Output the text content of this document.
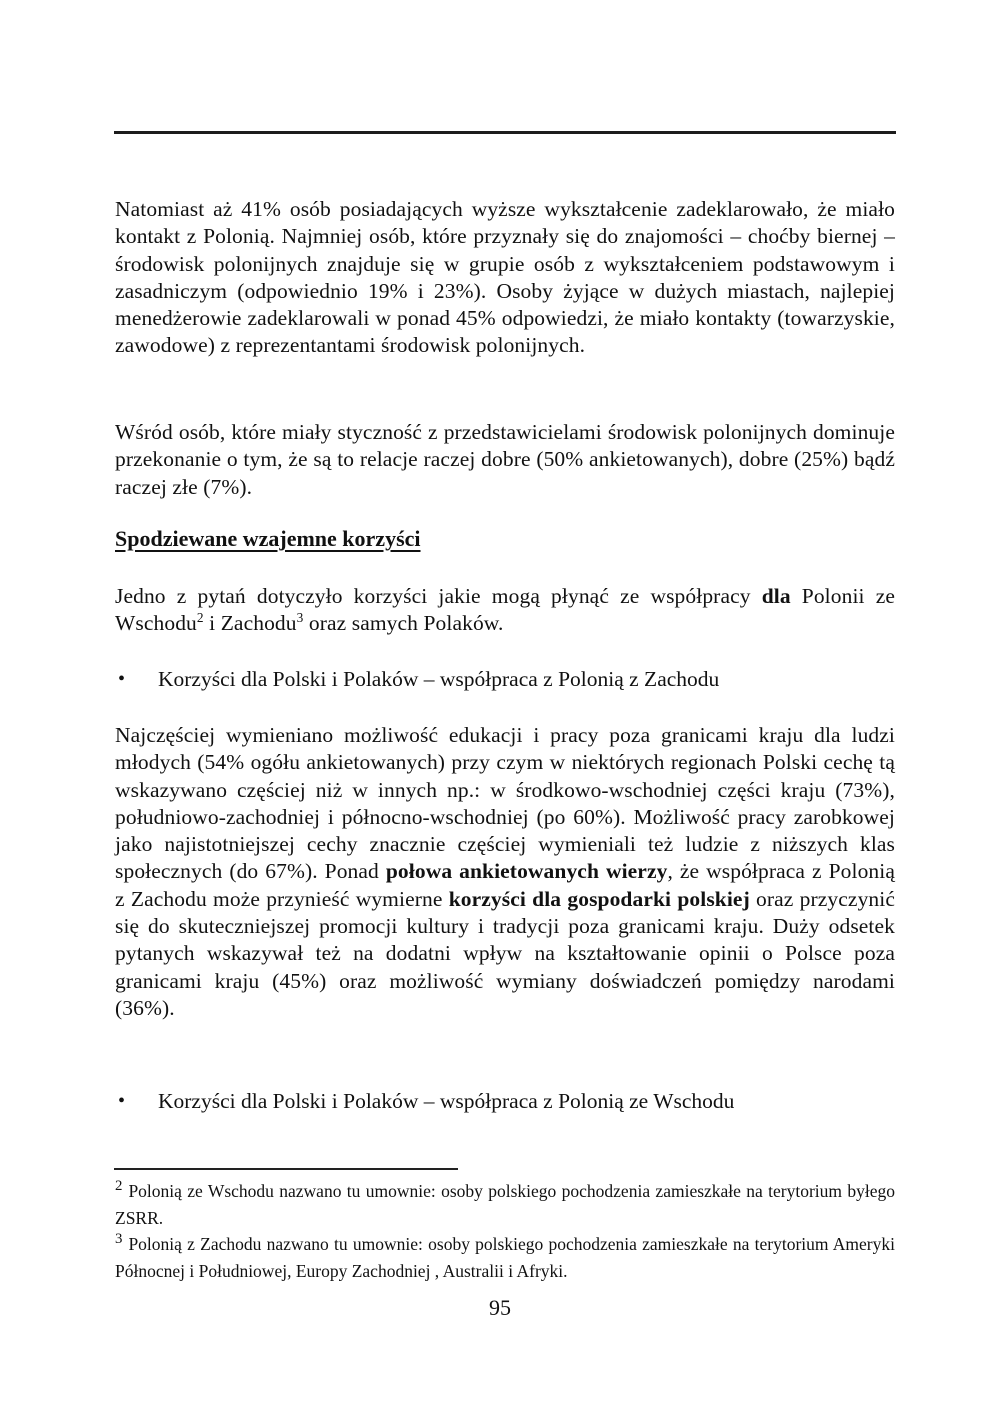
Natomiast aż 41% osób posiadających wyższe wykształcenie zadeklarowało, że miało kontakt z Polonią. Najmniej osób, które przyznały się do znajomości – choćby biernej – środowisk polonijnych znajduje się w grupie osób z wykształceniem podstawowym i zasadniczym (odpowiednio 19% i 23%). Osoby żyjące w dużych miastach, najlepiej menedżerowie zadeklarowali w ponad 45% odpowiedzi, że miało kontakty (towarzyskie, zawodowe) z reprezentantami środowisk polonijnych.
Wśród osób, które miały styczność z przedstawicielami środowisk polonijnych dominuje przekonanie o tym, że są to relacje raczej dobre (50% ankietowanych), dobre (25%) bądź raczej złe (7%).
Spodziewane wzajemne korzyści
Jedno z pytań dotyczyło korzyści jakie mogą płynąć ze współpracy dla Polonii ze Wschodu$^2$ i Zachodu$^3$ oraz samych Polaków.
•	Korzyści dla Polski i Polaków – współpraca z Polonią z Zachodu
Najczęściej wymieniano możliwość edukacji i pracy poza granicami kraju dla ludzi młodych (54% ogółu ankietowanych) przy czym w niektórych regionach Polski cechę tą wskazywano częściej niż w innych np.: w środkowo-wschodniej części kraju (73%), południowo-zachodniej i północno-wschodniej (po 60%). Możliwość pracy zarobkowej jako najistotniejszej cechy znacznie częściej wymieniali też ludzie z niższych klas społecznych (do 67%). Ponad połowa ankietowanych wierzy, że współpraca z Polonią z Zachodu może przynieść wymierne korzyści dla gospodarki polskiej oraz przyczynić się do skuteczniejszej promocji kultury i tradycji poza granicami kraju. Duży odsetek pytanych wskazywał też na dodatni wpływ na kształtowanie opinii o Polsce poza granicami kraju (45%) oraz możliwość wymiany doświadczeń pomiędzy narodami (36%).
•	Korzyści dla Polski i Polaków – współpraca z Polonią ze Wschodu
$^2$ Polonią ze Wschodu nazwano tu umownie: osoby polskiego pochodzenia zamieszkałe na terytorium byłego ZSRR.
$^3$ Polonią z Zachodu nazwano tu umownie: osoby polskiego pochodzenia zamieszkałe na terytorium Ameryki Północnej i Południowej, Europy Zachodniej , Australii i Afryki.
95
